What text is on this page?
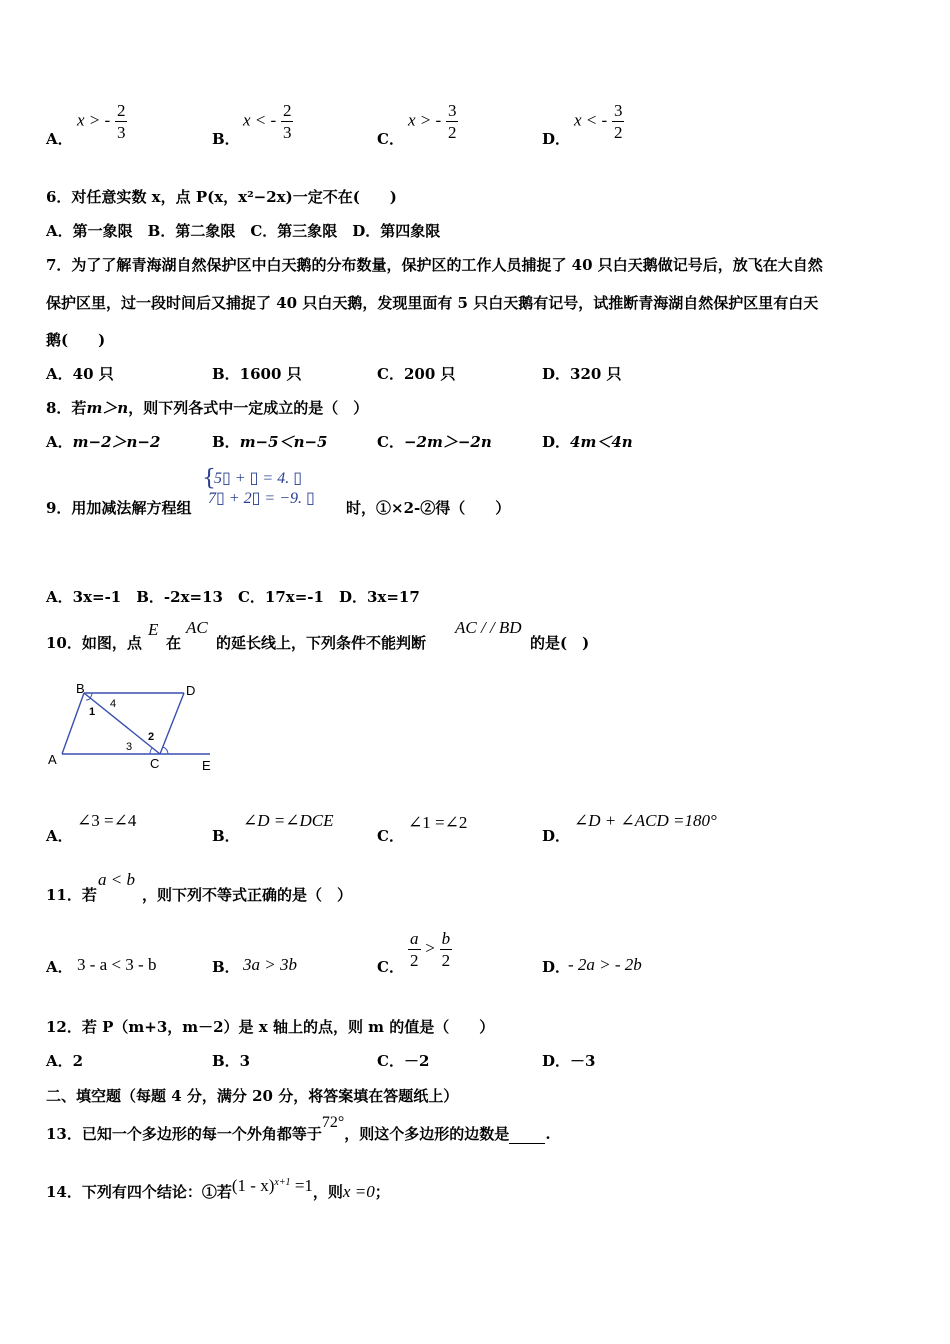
A．
x > - $\frac{2}{3}$	B．
x < - $\frac{2}{3}$	C．
x > - $\frac{3}{2}$	D．
x < - $\frac{3}{2}$
6．对任意实数 x，点 P(x，x²−2x)一定不在(　　)
A．第一象限　B．第二象限　C．第三象限　D．第四象限
7．为了了解青海湖自然保护区中白天鹅的分布数量，保护区的工作人员捕捉了 40 只白天鹅做记号后，放飞在大自然
保护区里，过一段时间后又捕捉了 40 只白天鹅，发现里面有 5 只白天鹅有记号，试推断青海湖自然保护区里有白天
鹅(　　)
A．40 只	B．1600 只	C．200 只	D．320 只
8．若m＞n，则下列各式中一定成立的是（　）
A．m−2＞n−2	B．m−5＜n−5	C．−2m＞−2n	D．4m＜4n
9．用加减法解方程组
{
5▯ + ▯ = 4. ▯
7▯ + 2▯ = −9. ▯
时，①×2-②得（　　）
A．3x=-1　B．-2x=13　C．17x=-1　D．3x=17
10．如图，点
E
在
AC
的延长线上，下列条件不能判断
AC / / BD
的是(　)
B	D
A	C	E
1
2
3
4
A．
∠3 =∠4
B．
∠D =∠DCE
C．
∠1 =∠2
D．
∠D + ∠ACD =180°
11．若
a < b
，则下列不等式正确的是（　）
A． 3 - a < 3 - b	B． 3a > 3b	C． $\frac{a}{2} > \frac{b}{2}$	D．
- 2a > - 2b
12．若 P（m+3，m－2）是 x 轴上的点，则 m 的值是（　　）
A．2	B．3	C．－2	D．－3
二、填空题（每题 4 分，满分 20 分，将答案填在答题纸上）
13．已知一个多边形的每一个外角都等于72°，则这个多边形的边数是 .
14．下列有四个结论：①若(1 - x)$^{x+1}$ =1，则x =0；
